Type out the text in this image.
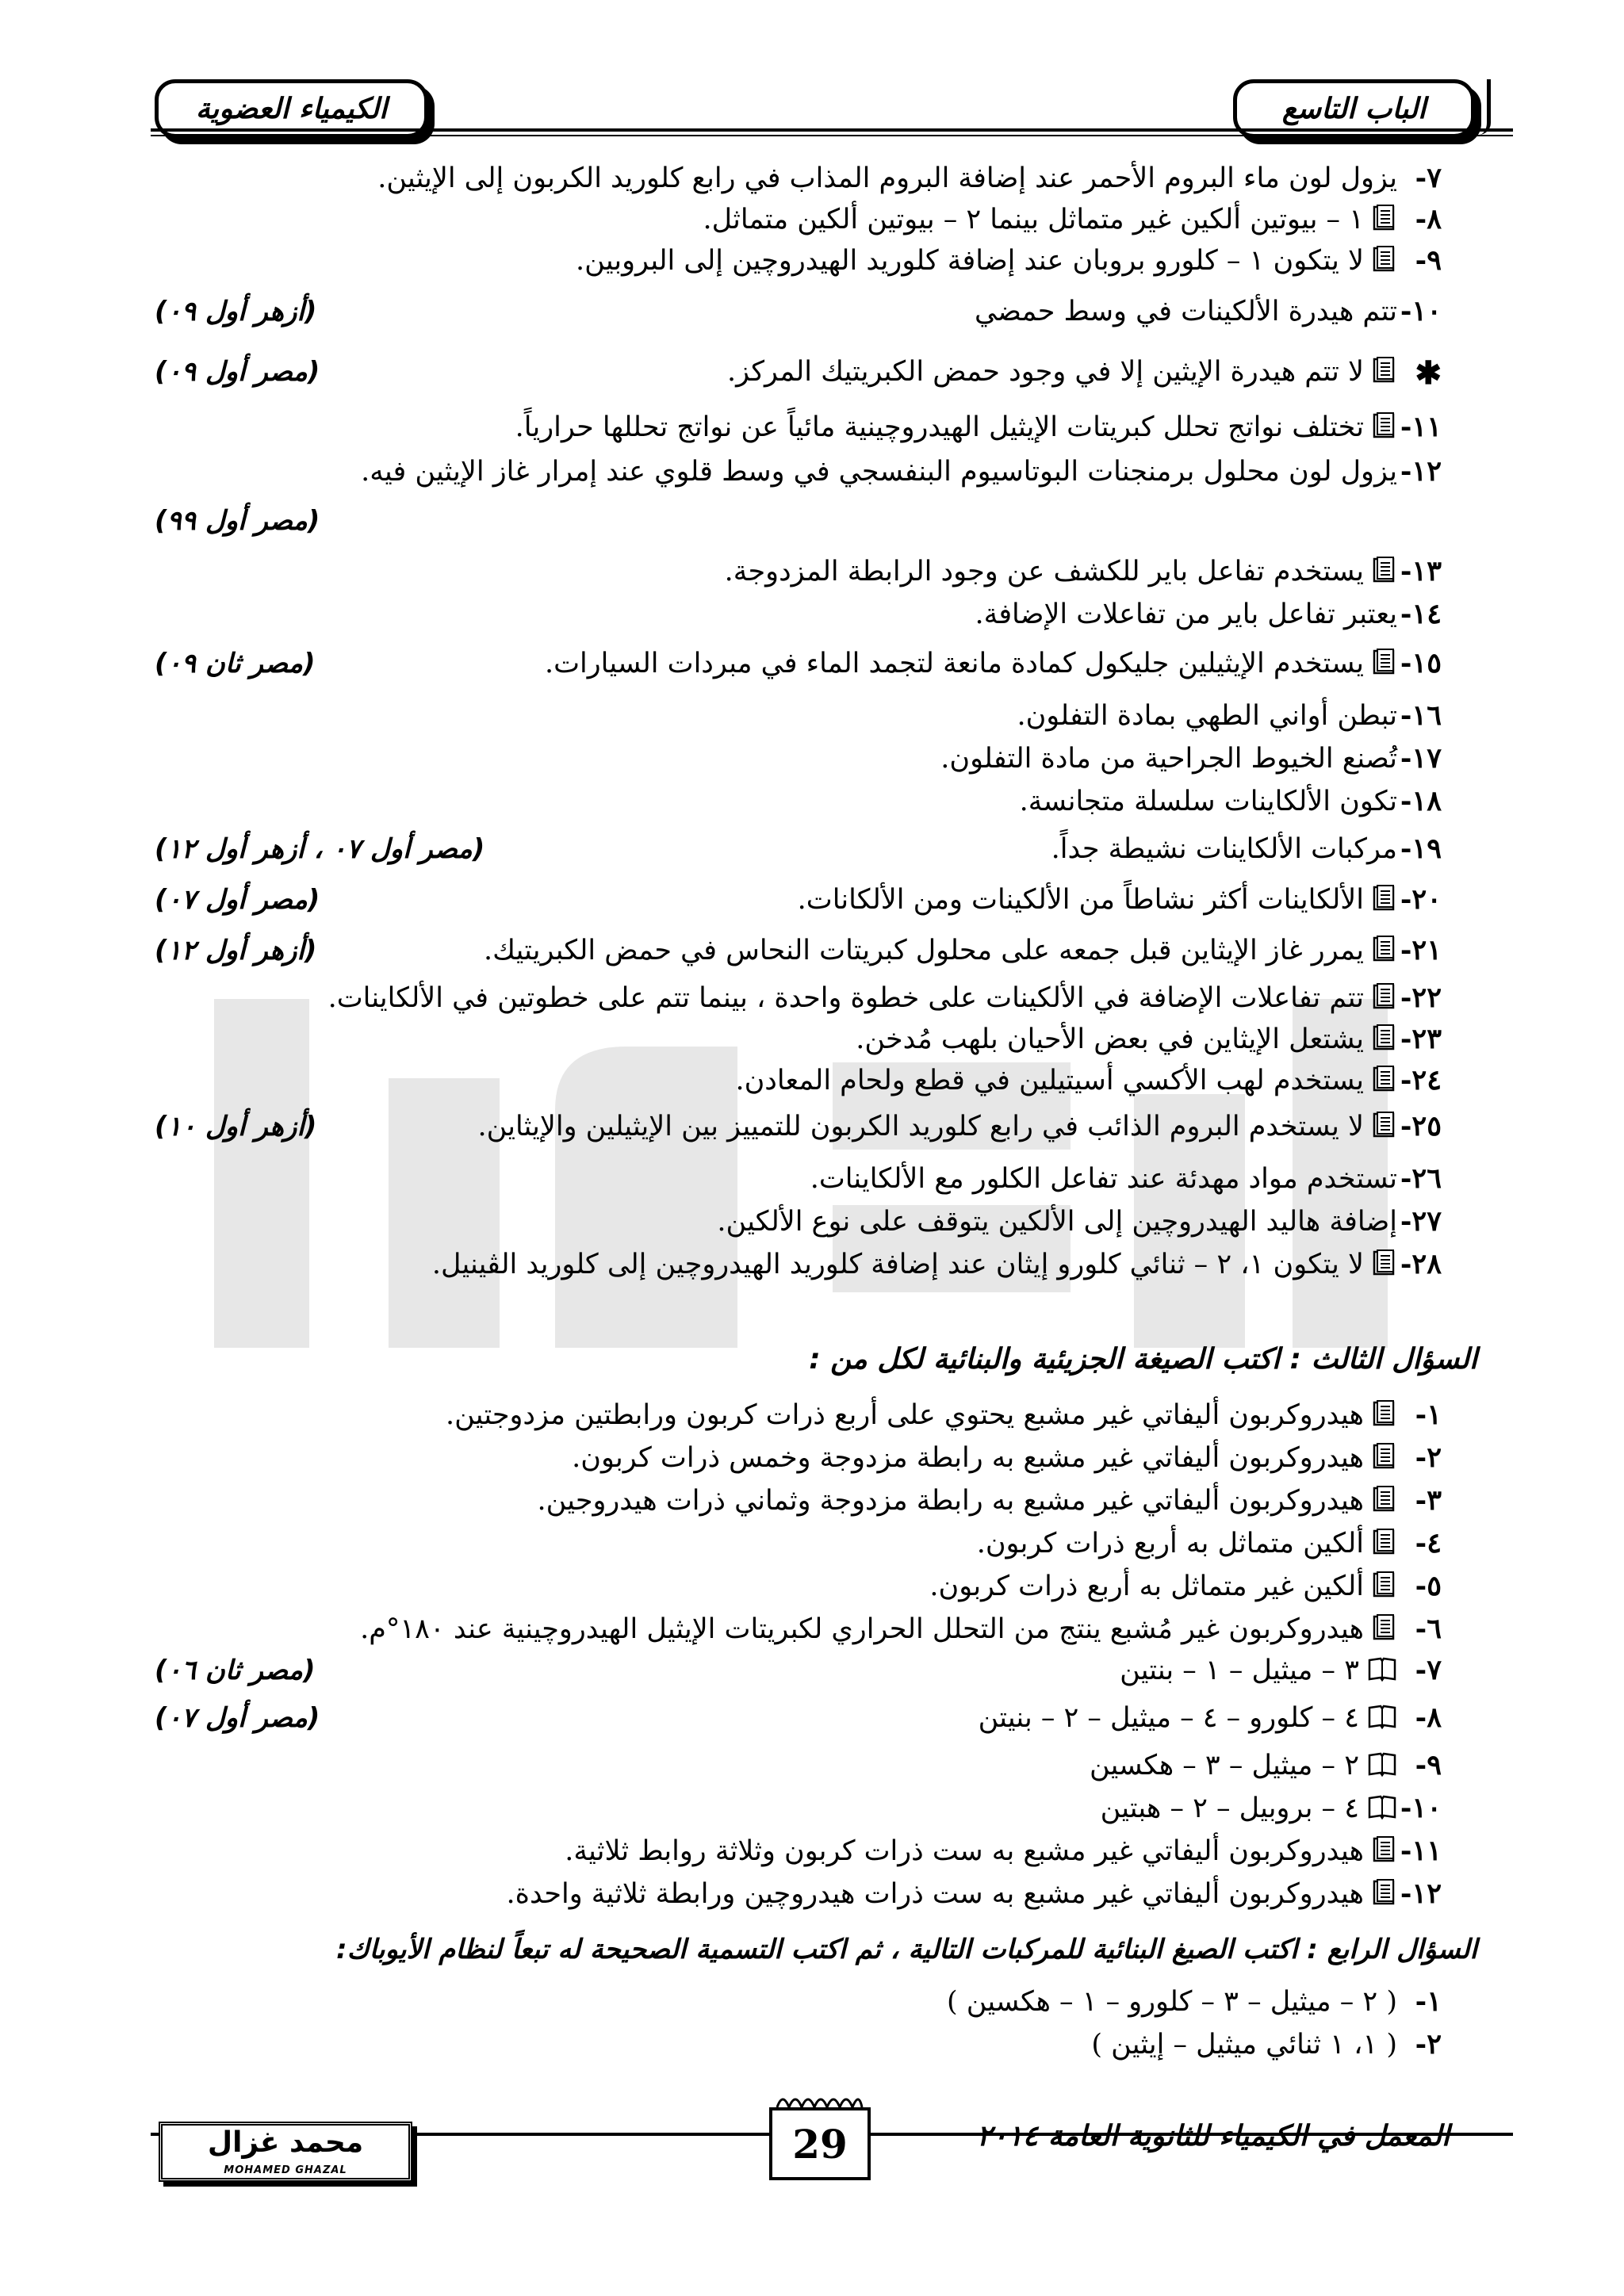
الباب التاسع
الكيمياء العضوية
٧-يزول لون ماء البروم الأحمر عند إضافة البروم المذاب في رابع كلوريد الكربون إلى الإيثين.
٨-١ – بيوتين ألكين غير متماثل بينما ٢ – بيوتين ألكين متماثل.
٩-لا يتكون ١ – كلورو بروبان عند إضافة كلوريد الهيدروچين إلى البروبين.
١٠-تتم هيدرة الألكينات في وسط حمضي
(أزهر أول ٠٩)
✱لا تتم هيدرة الإيثين إلا في وجود حمض الكبريتيك المركز.
(مصر أول ٠٩)
١١-تختلف نواتج تحلل كبريتات الإيثيل الهيدروچينية مائياً عن نواتج تحللها حرارياً.
١٢-يزول لون محلول برمنجنات البوتاسيوم البنفسجي في وسط قلوي عند إمرار غاز الإيثين فيه.
(مصر أول ٩٩)
١٣-يستخدم تفاعل باير للكشف عن وجود الرابطة المزدوجة.
١٤-يعتبر تفاعل باير من تفاعلات الإضافة.
١٥-يستخدم الإيثيلين جليكول كمادة مانعة لتجمد الماء في مبردات السيارات.
(مصر ثان ٠٩)
١٦-تبطن أواني الطهي بمادة التفلون.
١٧-تُصنع الخيوط الجراحية من مادة التفلون.
١٨-تكون الألكاينات سلسلة متجانسة.
١٩-مركبات الألكاينات نشيطة جداً.
(مصر أول ٠٧ ، أزهر أول ١٢)
٢٠-الألكاينات أكثر نشاطاً من الألكينات ومن الألكانات.
(مصر أول ٠٧)
٢١-يمرر غاز الإيثاين قبل جمعه على محلول كبريتات النحاس في حمض الكبريتيك.
(أزهر أول ١٢)
٢٢-تتم تفاعلات الإضافة في الألكينات على خطوة واحدة ، بينما تتم على خطوتين في الألكاينات.
٢٣-يشتعل الإيثاين في بعض الأحيان بلهب مُدخن.
٢٤-يستخدم لهب الأكسي أسيتيلين في قطع ولحام المعادن.
٢٥-لا يستخدم البروم الذائب في رابع كلوريد الكربون للتمييز بين الإيثيلين والإيثاين.
(أزهر أول ١٠)
٢٦-تستخدم مواد مهدئة عند تفاعل الكلور مع الألكاينات.
٢٧-إضافة هاليد الهيدروچين إلى الألكين يتوقف على نوع الألكين.
٢٨-لا يتكون ١، ٢ – ثنائي كلورو إيثان عند إضافة كلوريد الهيدروچين إلى كلوريد الڤينيل.
السؤال الثالث : اكتب الصيغة الجزيئية والبنائية لكل من :
١-هيدروكربون أليفاتي غير مشبع يحتوي على أربع ذرات كربون ورابطتين مزدوجتين.
٢-هيدروكربون أليفاتي غير مشبع به رابطة مزدوجة وخمس ذرات كربون.
٣-هيدروكربون أليفاتي غير مشبع به رابطة مزدوجة وثماني ذرات هيدروجين.
٤-ألكين متماثل به أربع ذرات كربون.
٥-ألكين غير متماثل به أربع ذرات كربون.
٦-هيدروكربون غير مُشبع ينتج من التحلل الحراري لكبريتات الإيثيل الهيدروچينية عند ١٨٠°م.
٧-٣ – ميثيل – ١ – بنتين
(مصر ثان ٠٦)
٨-٤ – كلورو – ٤ – ميثيل – ٢ – بنيتن
(مصر أول ٠٧)
٩-٢ – ميثيل – ٣ – هكسين
١٠-٤ – بروبيل – ٢ – هبتين
١١-هيدروكربون أليفاتي غير مشبع به ست ذرات كربون وثلاثة روابط ثلاثية.
١٢-هيدروكربون أليفاتي غير مشبع به ست ذرات هيدروچين ورابطة ثلاثية واحدة.
السؤال الرابع : اكتب الصيغ البنائية للمركبات التالية ، ثم اكتب التسمية الصحيحة له تبعاً لنظام الأيوباك:
١-( ٢ – ميثيل – ٣ – كلورو – ١ – هكسين )
٢-( ١، ١ ثنائي ميثيل – إيثين )
29	المعمل في الكيمياء للثانوية العامة ٢٠١٤
محمد غزال
MOHAMED GHAZAL
